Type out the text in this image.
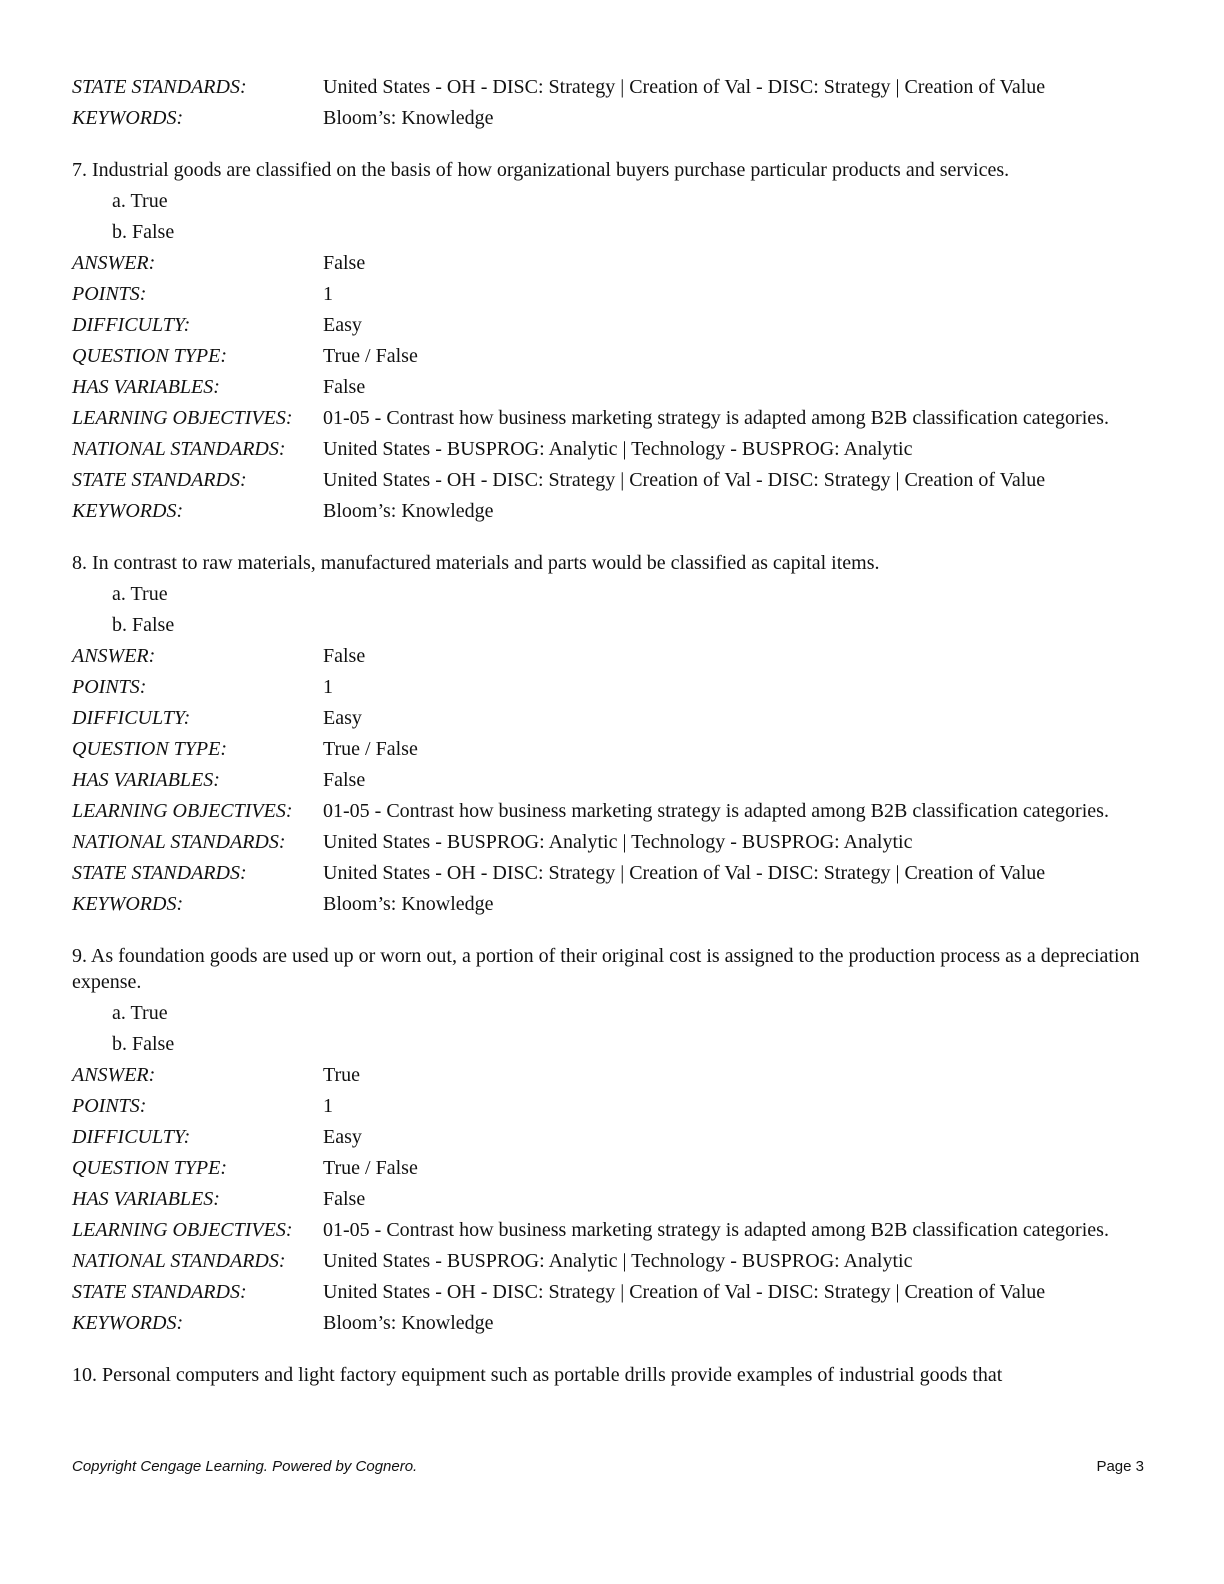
STATE STANDARDS:	United States - OH - DISC: Strategy | Creation of Val - DISC: Strategy | Creation of Value
KEYWORDS:	Bloom’s: Knowledge
7. Industrial goods are classified on the basis of how organizational buyers purchase particular products and services.
a. True
b. False
ANSWER:	False
POINTS:	1
DIFFICULTY:	Easy
QUESTION TYPE:	True / False
HAS VARIABLES:	False
LEARNING OBJECTIVES:	01-05 - Contrast how business marketing strategy is adapted among B2B classification categories.
NATIONAL STANDARDS:	United States - BUSPROG: Analytic | Technology - BUSPROG: Analytic
STATE STANDARDS:	United States - OH - DISC: Strategy | Creation of Val - DISC: Strategy | Creation of Value
KEYWORDS:	Bloom’s: Knowledge
8. In contrast to raw materials, manufactured materials and parts would be classified as capital items.
a. True
b. False
ANSWER:	False
POINTS:	1
DIFFICULTY:	Easy
QUESTION TYPE:	True / False
HAS VARIABLES:	False
LEARNING OBJECTIVES:	01-05 - Contrast how business marketing strategy is adapted among B2B classification categories.
NATIONAL STANDARDS:	United States - BUSPROG: Analytic | Technology - BUSPROG: Analytic
STATE STANDARDS:	United States - OH - DISC: Strategy | Creation of Val - DISC: Strategy | Creation of Value
KEYWORDS:	Bloom’s: Knowledge
9. As foundation goods are used up or worn out, a portion of their original cost is assigned to the production process as a depreciation expense.
a. True
b. False
ANSWER:	True
POINTS:	1
DIFFICULTY:	Easy
QUESTION TYPE:	True / False
HAS VARIABLES:	False
LEARNING OBJECTIVES:	01-05 - Contrast how business marketing strategy is adapted among B2B classification categories.
NATIONAL STANDARDS:	United States - BUSPROG: Analytic | Technology - BUSPROG: Analytic
STATE STANDARDS:	United States - OH - DISC: Strategy | Creation of Val - DISC: Strategy | Creation of Value
KEYWORDS:	Bloom’s: Knowledge
10. Personal computers and light factory equipment such as portable drills provide examples of industrial goods that
Copyright Cengage Learning. Powered by Cognero.	Page 3
